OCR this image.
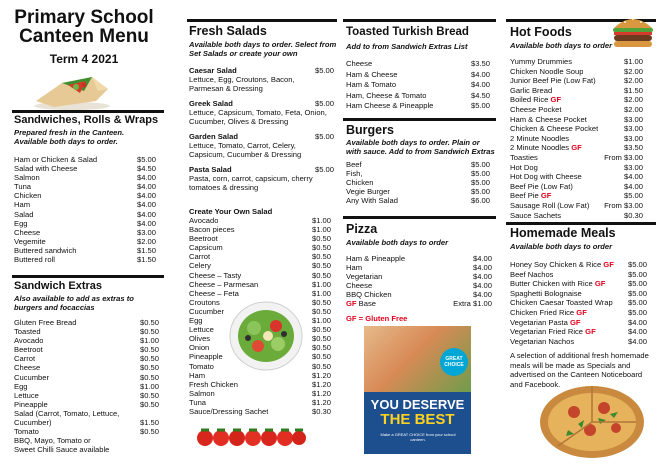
Primary School
Canteen Menu
Term 4 2021
Sandwiches, Rolls & Wraps
Prepared fresh in the Canteen. Available both days to order.
Ham or Chicken & Salad	$5.00
Salad with Cheese	$4.50
Salmon	$4.00
Tuna	$4.00
Chicken	$4.00
Ham	$4.00
Salad	$4.00
Egg	$4.00
Cheese	$3.00
Vegemite	$2.00
Buttered sandwich	$1.50
Buttered roll	$1.50
Sandwich Extras
Also available to add as extras to burgers and focaccias
Gluten Free Bread	$0.50
Toasted	$0.50
Avocado	$1.00
Beetroot	$0.50
Carrot	$0.50
Cheese	$0.50
Cucumber	$0.50
Egg	$1.00
Lettuce	$0.50
Pineapple	$0.50
Salad (Carrot, Tomato, Lettuce,
Cucumber)	$1.50
Tomato	$0.50
BBQ, Mayo, Tomato or
Sweet Chilli Sauce available
Fresh Salads
Available both days to order. Select from Set Salads or create your own
Caesar Salad	$5.00
Lettuce, Egg, Croutons, Bacon, Parmesan & Dressing
Greek Salad	$5.00
Lettuce, Capsicum, Tomato, Feta, Onion, Cucumber, Olives & Dressing
Garden Salad	$5.00
Lettuce, Tomato, Carrot, Celery, Capsicum, Cucumber & Dressing
Pasta Salad	$5.00
Pasta, corn, carrot, capsicum, cherry tomatoes & dressing
Create Your Own Salad
Avocado	$1.00
Bacon pieces	$1.00
Beetroot	$0.50
Capsicum	$0.50
Carrot	$0.50
Celery	$0.50
Cheese – Tasty	$0.50
Cheese – Parmesan	$1.00
Cheese – Feta	$1.00
Croutons	$0.50
Cucumber	$0.50
Egg	$1.00
Lettuce	$0.50
Olives	$0.50
Onion	$0.50
Pineapple	$0.50
Tomato	$0.50
Ham	$1.20
Fresh Chicken	$1.20
Salmon	$1.20
Tuna	$1.20
Sauce/Dressing Sachet	$0.30
Toasted Turkish Bread
Add to from Sandwich Extras List
Cheese	$3.50
Ham & Cheese	$4.00
Ham & Tomato	$4.00
Ham, Cheese & Tomato	$4.50
Ham Cheese & Pineapple	$5.00
Burgers
Available both days to order. Plain or with sauce. Add to from Sandwich Extras
Beef	$5.00
Fish,	$5.00
Chicken	$5.00
Vegie Burger	$5.00
Any With Salad	$6.00
Pizza
Available both days to order
Ham & Pineapple	$4.00
Ham	$4.00
Vegetarian	$4.00
Cheese	$4.00
BBQ Chicken	$4.00
GF Base	Extra $1.00
GF = Gluten Free
GREAT
CHOICE
YOU DESERVE
THE BEST
Make a GREAT CHOICE from your school canteen.
Hot Foods
Available both days to order
Yummy Drummies	$1.00
Chicken Noodle Soup	$2.00
Junior Beef Pie (Low Fat)	$2.00
Garlic Bread	$1.50
Boiled Rice GF	$2.00
Cheese Pocket	$2.00
Ham & Cheese Pocket	$3.00
Chicken & Cheese Pocket	$3.00
2 Minute Noodles	$3.00
2 Minute Noodles GF	$3.50
Toasties	From $3.00
Hot Dog	$3.00
Hot Dog with Cheese	$4.00
Beef Pie (Low Fat)	$4.00
Beef Pie GF	$5.00
Sausage Roll (Low Fat) From $3.00
Sauce Sachets	$0.30
Homemade Meals
Available both days to order
Honey Soy Chicken & Rice GF $5.00
Beef Nachos	$5.00
Butter Chicken with Rice GF	$5.00
Spaghetti Bolognaise	$5.00
Chicken Caesar Toasted Wrap $5.00
Chicken Fried Rice GF	$5.00
Vegetarian Pasta GF	$4.00
Vegetarian Fried Rice GF	$4.00
Vegetarian Nachos	$4.00
A selection of additional fresh homemade meals will be made as Specials and advertised on the Canteen Noticeboard and Facebook.
